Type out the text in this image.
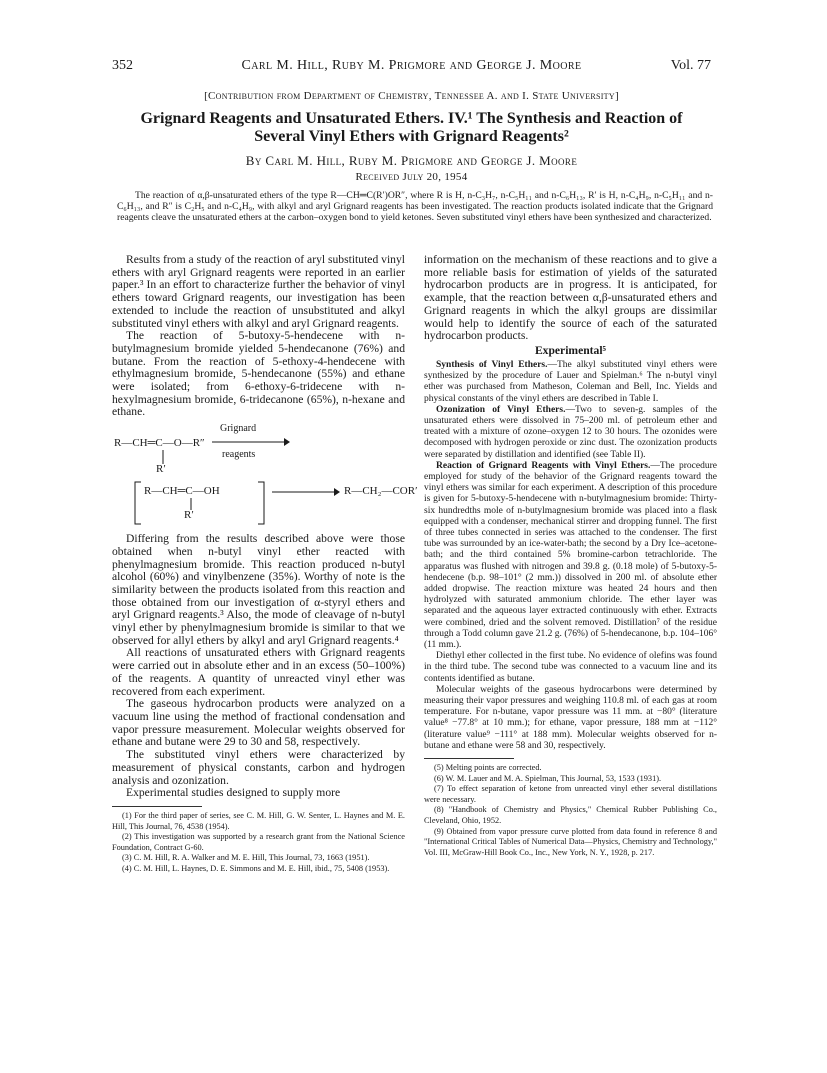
352	Carl M. Hill, Ruby M. Prigmore and George J. Moore	Vol. 77
[Contribution from Department of Chemistry, Tennessee A. and I. State University]
Grignard Reagents and Unsaturated Ethers. IV.¹ The Synthesis and Reaction of
Several Vinyl Ethers with Grignard Reagents²
By Carl M. Hill, Ruby M. Prigmore and George J. Moore
Received July 20, 1954
The reaction of α,β-unsaturated ethers of the type R—CH═C(R′)OR″, where R is H, n-C₃H₇, n-C₅H₁₁ and n-C₆H₁₃, R′ is H, n-C₄H₉, n-C₅H₁₁ and n-C₆H₁₃, and R″ is C₂H₅ and n-C₄H₉, with alkyl and aryl Grignard reagents has been investigated. The reaction products isolated indicate that the Grignard reagents cleave the unsaturated ethers at the carbon–oxygen bond to yield ketones. Seven substituted vinyl ethers have been synthesized and characterized.

Results from a study of the reaction of aryl substituted vinyl ethers with aryl Grignard reagents were reported in an earlier paper.³ In an effort to characterize further the behavior of vinyl ethers toward Grignard reagents, our investigation has been extended to include the reaction of unsubstituted and alkyl substituted vinyl ethers with alkyl and aryl Grignard reagents.

The reaction of 5-butoxy-5-hendecene with n-butylmagnesium bromide yielded 5-hendecanone (76%) and butane. From the reaction of 5-ethoxy-4-hendecene with ethylmagnesium bromide, 5-hendecanone (55%) and ethane were isolated; from 6-ethoxy-6-tridecene with n-hexylmagnesium bromide, 6-tridecanone (65%), n-hexane and ethane.

R—CH═C—O—R″
Grignard
reagents
R′
R—CH═C—OH
R′
R—CH₂—COR′

Differing from the results described above were those obtained when n-butyl vinyl ether reacted with phenylmagnesium bromide. This reaction produced n-butyl alcohol (60%) and vinylbenzene (35%). Worthy of note is the similarity between the products isolated from this reaction and those obtained from our investigation of α-styryl ethers and aryl Grignard reagents.³ Also, the mode of cleavage of n-butyl vinyl ether by phenylmagnesium bromide is similar to that we observed for allyl ethers by alkyl and aryl Grignard reagents.⁴

All reactions of unsaturated ethers with Grignard reagents were carried out in absolute ether and in an excess (50–100%) of the reagents. A quantity of unreacted vinyl ether was recovered from each experiment.

The gaseous hydrocarbon products were analyzed on a vacuum line using the method of fractional condensation and vapor pressure measurement. Molecular weights observed for ethane and butane were 29 to 30 and 58, respectively.

The substituted vinyl ethers were characterized by measurement of physical constants, carbon and hydrogen analysis and ozonization.

Experimental studies designed to supply more

(1) For the third paper of series, see C. M. Hill, G. W. Senter, L. Haynes and M. E. Hill, This Journal, 76, 4538 (1954).

(2) This investigation was supported by a research grant from the National Science Foundation, Contract G-60.

(3) C. M. Hill, R. A. Walker and M. E. Hill, This Journal, 73, 1663 (1951).

(4) C. M. Hill, L. Haynes, D. E. Simmons and M. E. Hill, ibid., 75, 5408 (1953).

information on the mechanism of these reactions and to give a more reliable basis for estimation of yields of the saturated hydrocarbon products are in progress. It is anticipated, for example, that the reaction between α,β-unsaturated ethers and Grignard reagents in which the alkyl groups are dissimilar would help to identify the source of each of the saturated hydrocarbon products.

Experimental⁵

Synthesis of Vinyl Ethers.—The alkyl substituted vinyl ethers were synthesized by the procedure of Lauer and Spielman.⁶ The n-butyl vinyl ether was purchased from Matheson, Coleman and Bell, Inc. Yields and physical constants of the vinyl ethers are described in Table I.

Ozonization of Vinyl Ethers.—Two to seven-g. samples of the unsaturated ethers were dissolved in 75–200 ml. of petroleum ether and treated with a mixture of ozone–oxygen 12 to 30 hours. The ozonides were decomposed with hydrogen peroxide or zinc dust. The ozonization products were separated by distillation and identified (see Table II).

Reaction of Grignard Reagents with Vinyl Ethers.—The procedure employed for study of the behavior of the Grignard reagents toward the vinyl ethers was similar for each experiment. A description of this procedure is given for 5-butoxy-5-hendecene with n-butylmagnesium bromide: Thirty-six hundredths mole of n-butylmagnesium bromide was placed into a flask equipped with a condenser, mechanical stirrer and dropping funnel. The first of three tubes connected in series was attached to the condenser. The first tube was surrounded by an ice-water-bath; the second by a Dry Ice–acetone-bath; and the third contained 5% bromine-carbon tetrachloride. The apparatus was flushed with nitrogen and 39.8 g. (0.18 mole) of 5-butoxy-5-hendecene (b.p. 98–101° (2 mm.)) dissolved in 200 ml. of absolute ether added dropwise. The reaction mixture was heated 24 hours and then hydrolyzed with saturated ammonium chloride. The ether layer was separated and the aqueous layer extracted continuously with ether. Extracts were combined, dried and the solvent removed. Distillation⁷ of the residue through a Todd column gave 21.2 g. (76%) of 5-hendecanone, b.p. 104–106° (11 mm.).

Diethyl ether collected in the first tube. No evidence of olefins was found in the third tube. The second tube was connected to a vacuum line and its contents identified as butane.

Molecular weights of the gaseous hydrocarbons were determined by measuring their vapor pressures and weighing 110.8 ml. of each gas at room temperature. For n-butane, vapor pressure was 11 mm. at −80° (literature value⁸ −77.8° at 10 mm.); for ethane, vapor pressure, 188 mm at −112° (literature value⁹ −111° at 188 mm). Molecular weights observed for n-butane and ethane were 58 and 30, respectively.

(5) Melting points are corrected.

(6) W. M. Lauer and M. A. Spielman, This Journal, 53, 1533 (1931).

(7) To effect separation of ketone from unreacted vinyl ether several distillations were necessary.

(8) "Handbook of Chemistry and Physics," Chemical Rubber Publishing Co., Cleveland, Ohio, 1952.

(9) Obtained from vapor pressure curve plotted from data found in reference 8 and "International Critical Tables of Numerical Data—Physics, Chemistry and Technology," Vol. III, McGraw-Hill Book Co., Inc., New York, N. Y., 1928, p. 217.
